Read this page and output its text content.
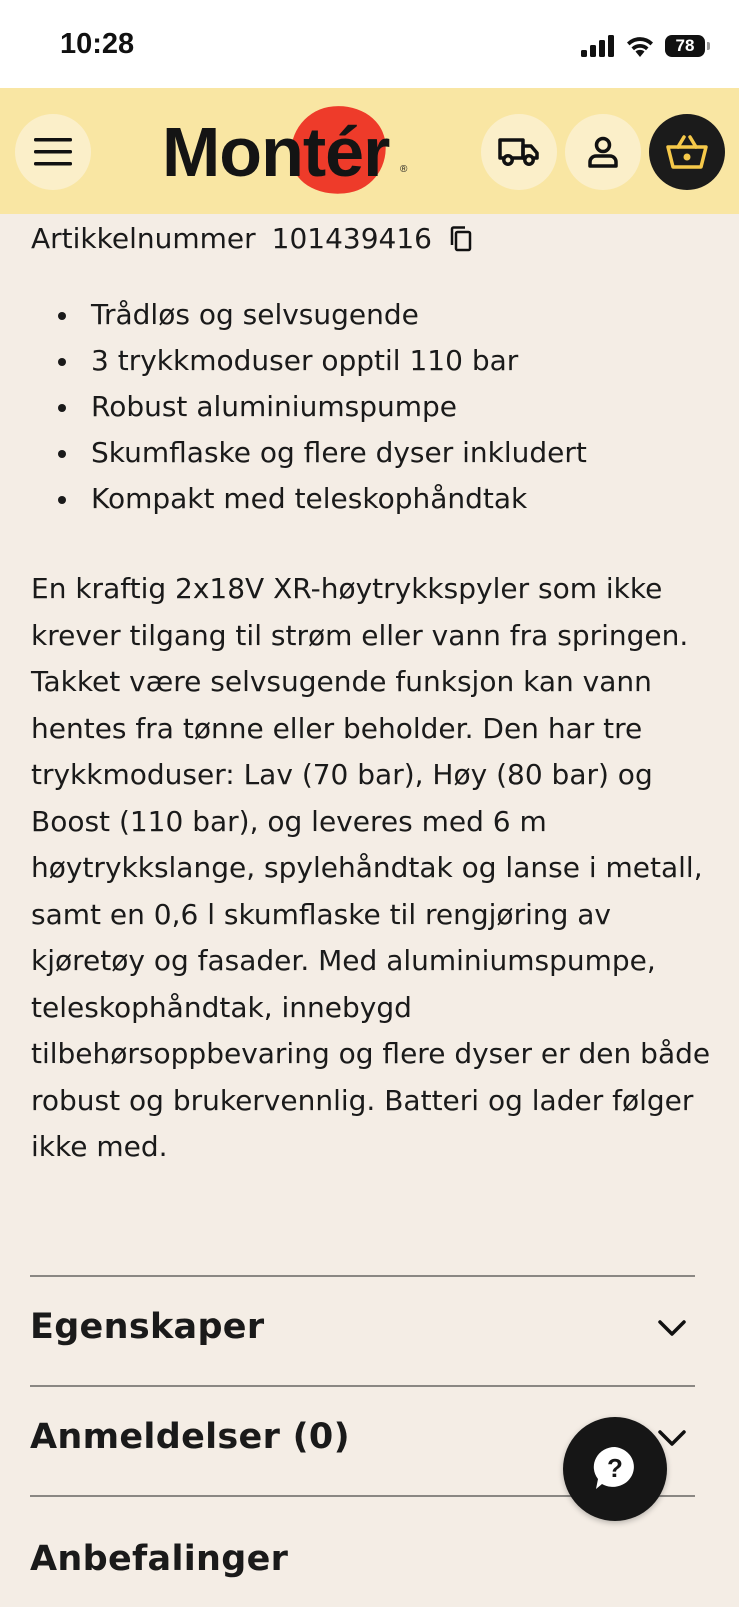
10:28	78
Montér ®
Artikkelnummer 101439416
Trådløs og selvsugende
3 trykkmoduser opptil 110 bar
Robust aluminiumspumpe
Skumflaske og flere dyser inkludert
Kompakt med teleskophåndtak

En kraftig 2x18V XR-høytrykkspyler som ikke krever tilgang til strøm eller vann fra springen. Takket være selvsugende funksjon kan vann hentes fra tønne eller beholder. Den har tre trykkmoduser: Lav (70 bar), Høy (80 bar) og Boost (110 bar), og leveres med 6 m høytrykkslange, spylehåndtak og lanse i metall, samt en 0,6 l skumflaske til rengjøring av kjøretøy og fasader. Med aluminiumspumpe, teleskophåndtak, innebygd tilbehørsoppbevaring og flere dyser er den både robust og brukervennlig. Batteri og lader følger ikke med.

Egenskaper
Anmeldelser (0)
Anbefalinger
?
